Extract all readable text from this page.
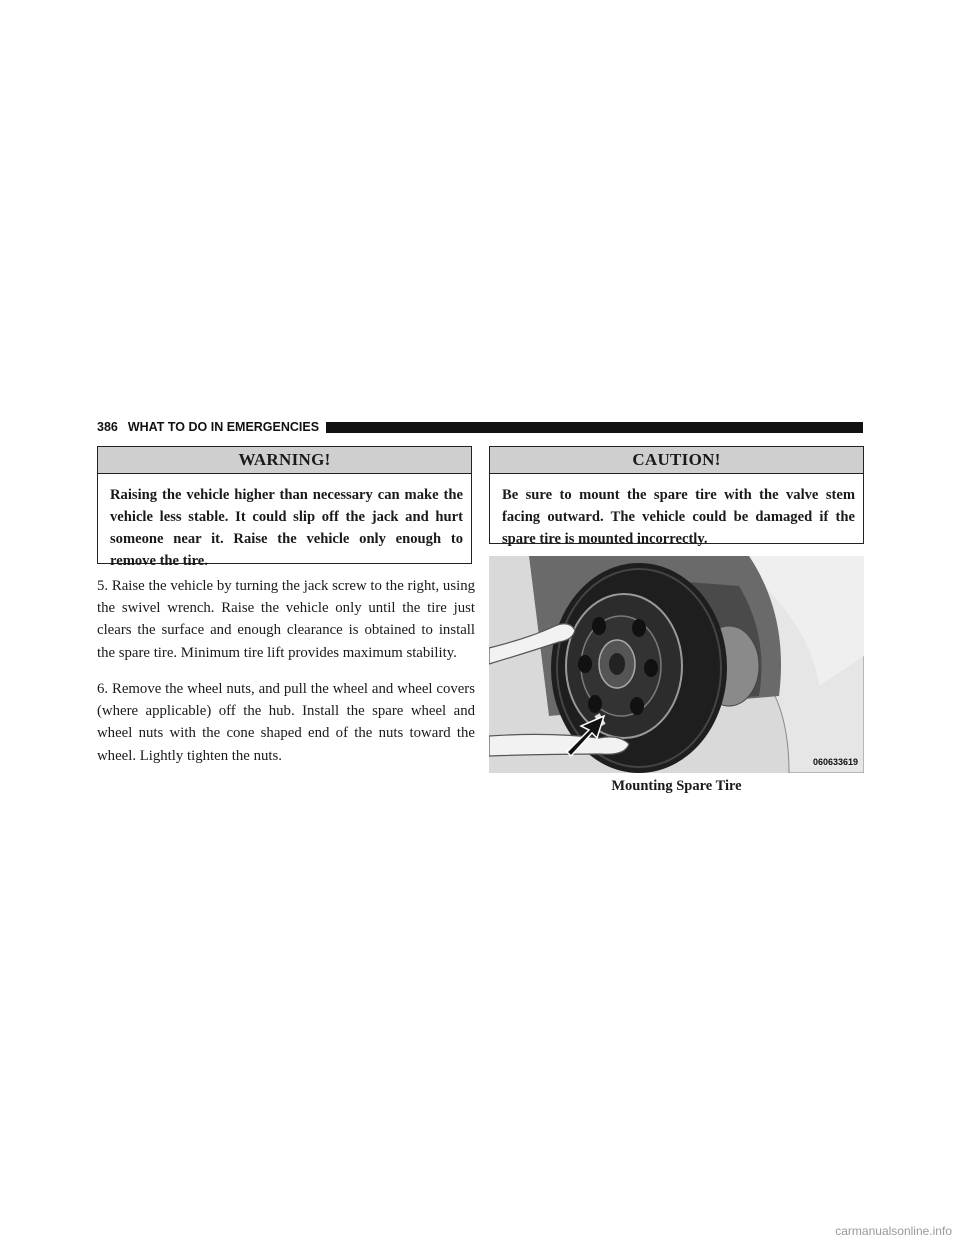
386 WHAT TO DO IN EMERGENCIES
WARNING!
Raising the vehicle higher than necessary can make the vehicle less stable. It could slip off the jack and hurt someone near it. Raise the vehicle only enough to remove the tire.

5. Raise the vehicle by turning the jack screw to the right, using the swivel wrench. Raise the vehicle only until the tire just clears the surface and enough clearance is obtained to install the spare tire. Minimum tire lift provides maximum stability.

6. Remove the wheel nuts, and pull the wheel and wheel covers (where applicable) off the hub. Install the spare wheel and wheel nuts with the cone shaped end of the nuts toward the wheel. Lightly tighten the nuts.

CAUTION!
Be sure to mount the spare tire with the valve stem facing outward. The vehicle could be damaged if the spare tire is mounted incorrectly.
060633619
Mounting Spare Tire
carmanualsonline.info
